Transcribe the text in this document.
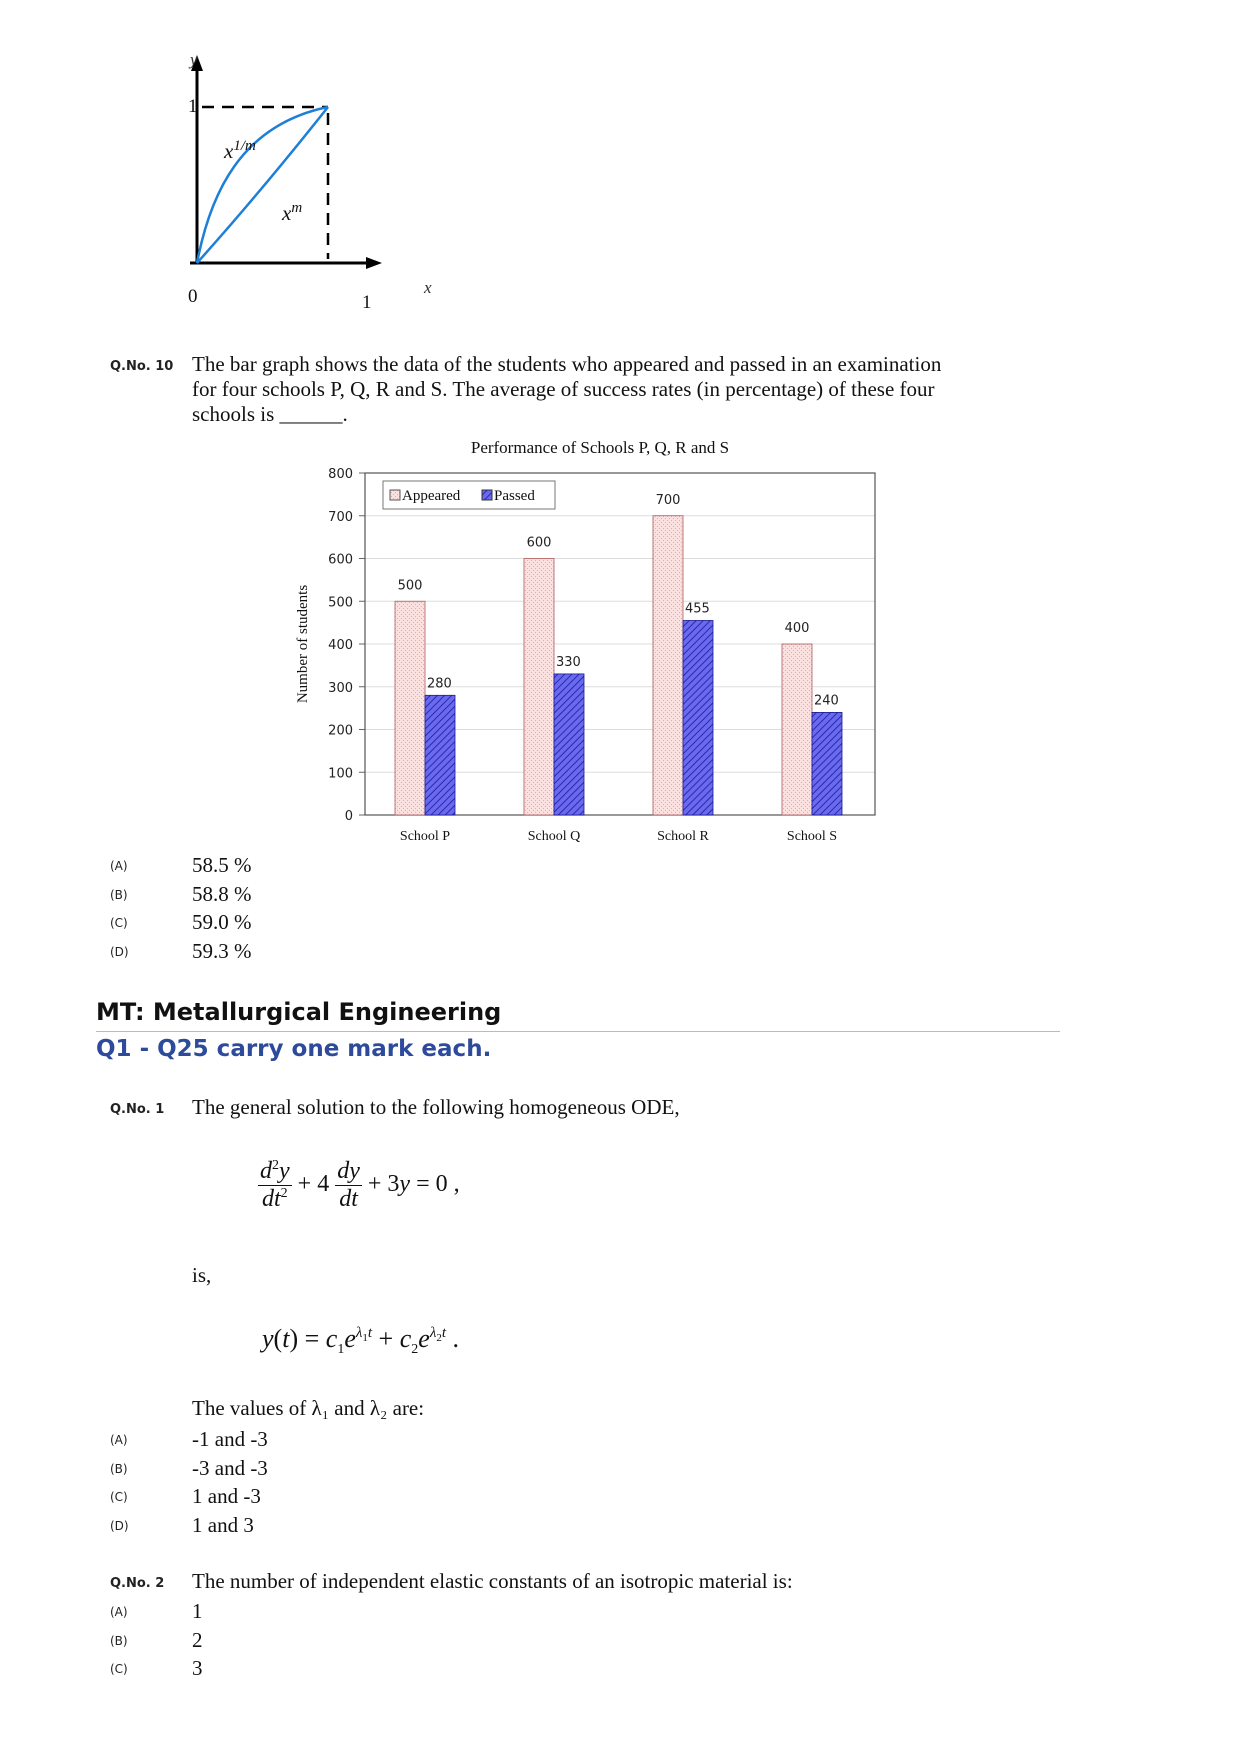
y
1
0	1
x
$x^{1/m}$
$x^m$
Q.No. 10 The bar graph shows the data of the students who appeared and passed in an examination
for four schools P, Q, R and S. The average of success rates (in percentage) of these four
schools is ______.
0
100
200
300
400
500
600
700
800
Performance of Schools P, Q, R and S
Number of students	500
280
School P
600
330
School Q
700
455
School R
400
240
School S
Appeared Passed
(A)	58.5 %
(B)	58.8 %
(C)	59.0 %
(D)	59.3 %
MT: Metallurgical Engineering
Q1 - Q25 carry one mark each.
Q.No. 1 The general solution to the following homogeneous ODE,
$\frac{d^2y}{dt^2} + 4 \frac{dy}{dt} + 3y = 0$ ,
is,
$y(t) = c_1e^{\lambda_1t} + c_2e^{\lambda_2t}$ .
The values of λ₁ and λ₂ are:
(A)	-1 and -3
(B)	-3 and -3
(C)	1 and -3
(D)	1 and 3
Q.No. 2 The number of independent elastic constants of an isotropic material is:
(A)	1
(B)	2
(C)	3
